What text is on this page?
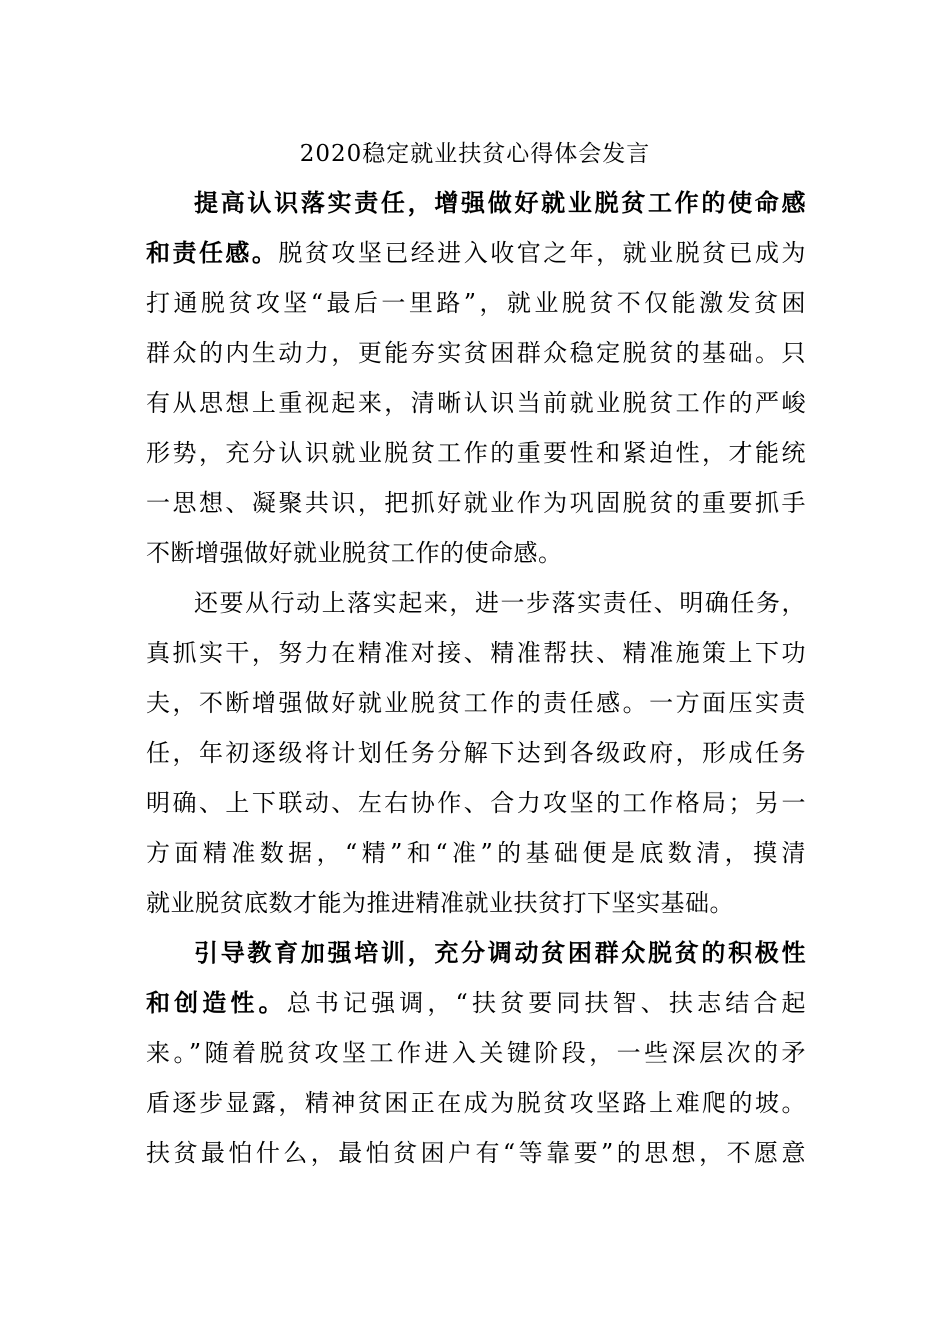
2020稳定就业扶贫心得体会发言
提高认识落实责任，增强做好就业脱贫工作的使命感
和责任感。脱贫攻坚已经进入收官之年，就业脱贫已成为
打通脱贫攻坚“最后一里路”，就业脱贫不仅能激发贫困
群众的内生动力，更能夯实贫困群众稳定脱贫的基础。只
有从思想上重视起来，清晰认识当前就业脱贫工作的严峻
形势，充分认识就业脱贫工作的重要性和紧迫性，才能统
一思想、凝聚共识，把抓好就业作为巩固脱贫的重要抓手
不断增强做好就业脱贫工作的使命感。
还要从行动上落实起来，进一步落实责任、明确任务，
真抓实干，努力在精准对接、精准帮扶、精准施策上下功
夫，不断增强做好就业脱贫工作的责任感。一方面压实责
任，年初逐级将计划任务分解下达到各级政府，形成任务
明确、上下联动、左右协作、合力攻坚的工作格局；另一
方面精准数据，“精”和“准”的基础便是底数清，摸清
就业脱贫底数才能为推进精准就业扶贫打下坚实基础。
引导教育加强培训，充分调动贫困群众脱贫的积极性
和创造性。总书记强调，“扶贫要同扶智、扶志结合起
来。”随着脱贫攻坚工作进入关键阶段，一些深层次的矛
盾逐步显露，精神贫困正在成为脱贫攻坚路上难爬的坡。
扶贫最怕什么，最怕贫困户有“等靠要”的思想，不愿意
